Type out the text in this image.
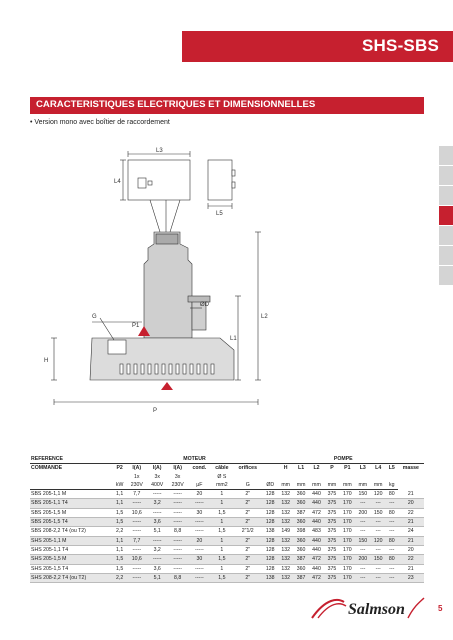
SHS-SBS
CARACTERISTIQUES ELECTRIQUES ET DIMENSIONNELLES
• Version mono avec boîtier de raccordement
L3
L4
L5
ØD
G
P1
L1
L2
H
P
REFERENCE		MOTEUR						POMPE									
COMMANDE	P2	I(A)	I(A)	I(A)	cond.	câble	orifices		H	L1	L2	P	P1	L3	L4	L5	masse
		1x	3x	3x		Ø S											
	kW	230V	400V	230V	µF	mm2	G	ØD	mm	mm	mm	mm	mm	mm	mm	kg	
SBS 205-1,1 M	1,1	7,7	-----	-----	20	1	2"	128	132	360	440	375	170	150	120	80	21
SBS 205-1,1 T4	1,1	-----	3,2	-----	-----	1	2"	128	132	360	440	375	170	---	---	---	20
SBS 205-1,5 M	1,5	10,6	-----	-----	30	1,5	2"	128	132	387	472	375	170	200	150	80	22
SBS 205-1,5 T4	1,5	-----	3,6	-----	-----	1	2"	128	132	360	440	375	170	---	---	---	21
SBS 208-2,2 T4 (ou T2)	2,2	-----	5,1	8,8	-----	1,5	2"1/2	138	149	398	483	375	170	---	---	---	24
SHS 205-1,1 M	1,1	7,7	-----	-----	20	1	2"	128	132	360	440	375	170	150	120	80	21
SHS 205-1,1 T4	1,1	-----	3,2	-----	-----	1	2"	128	132	360	440	375	170	---	---	---	20
SHS 205-1,5 M	1,5	10,6	-----	-----	30	1,5	2"	128	132	387	472	375	170	200	150	80	22
SHS 205-1,5 T4	1,5	-----	3,6	-----	-----	1	2"	128	132	360	440	375	170	---	---	---	21
SHS 208-2,2 T4 (ou T2)	2,2	-----	5,1	8,8	-----	1,5	2"	138	132	387	472	375	170	---	---	---	23
Salmson	5
